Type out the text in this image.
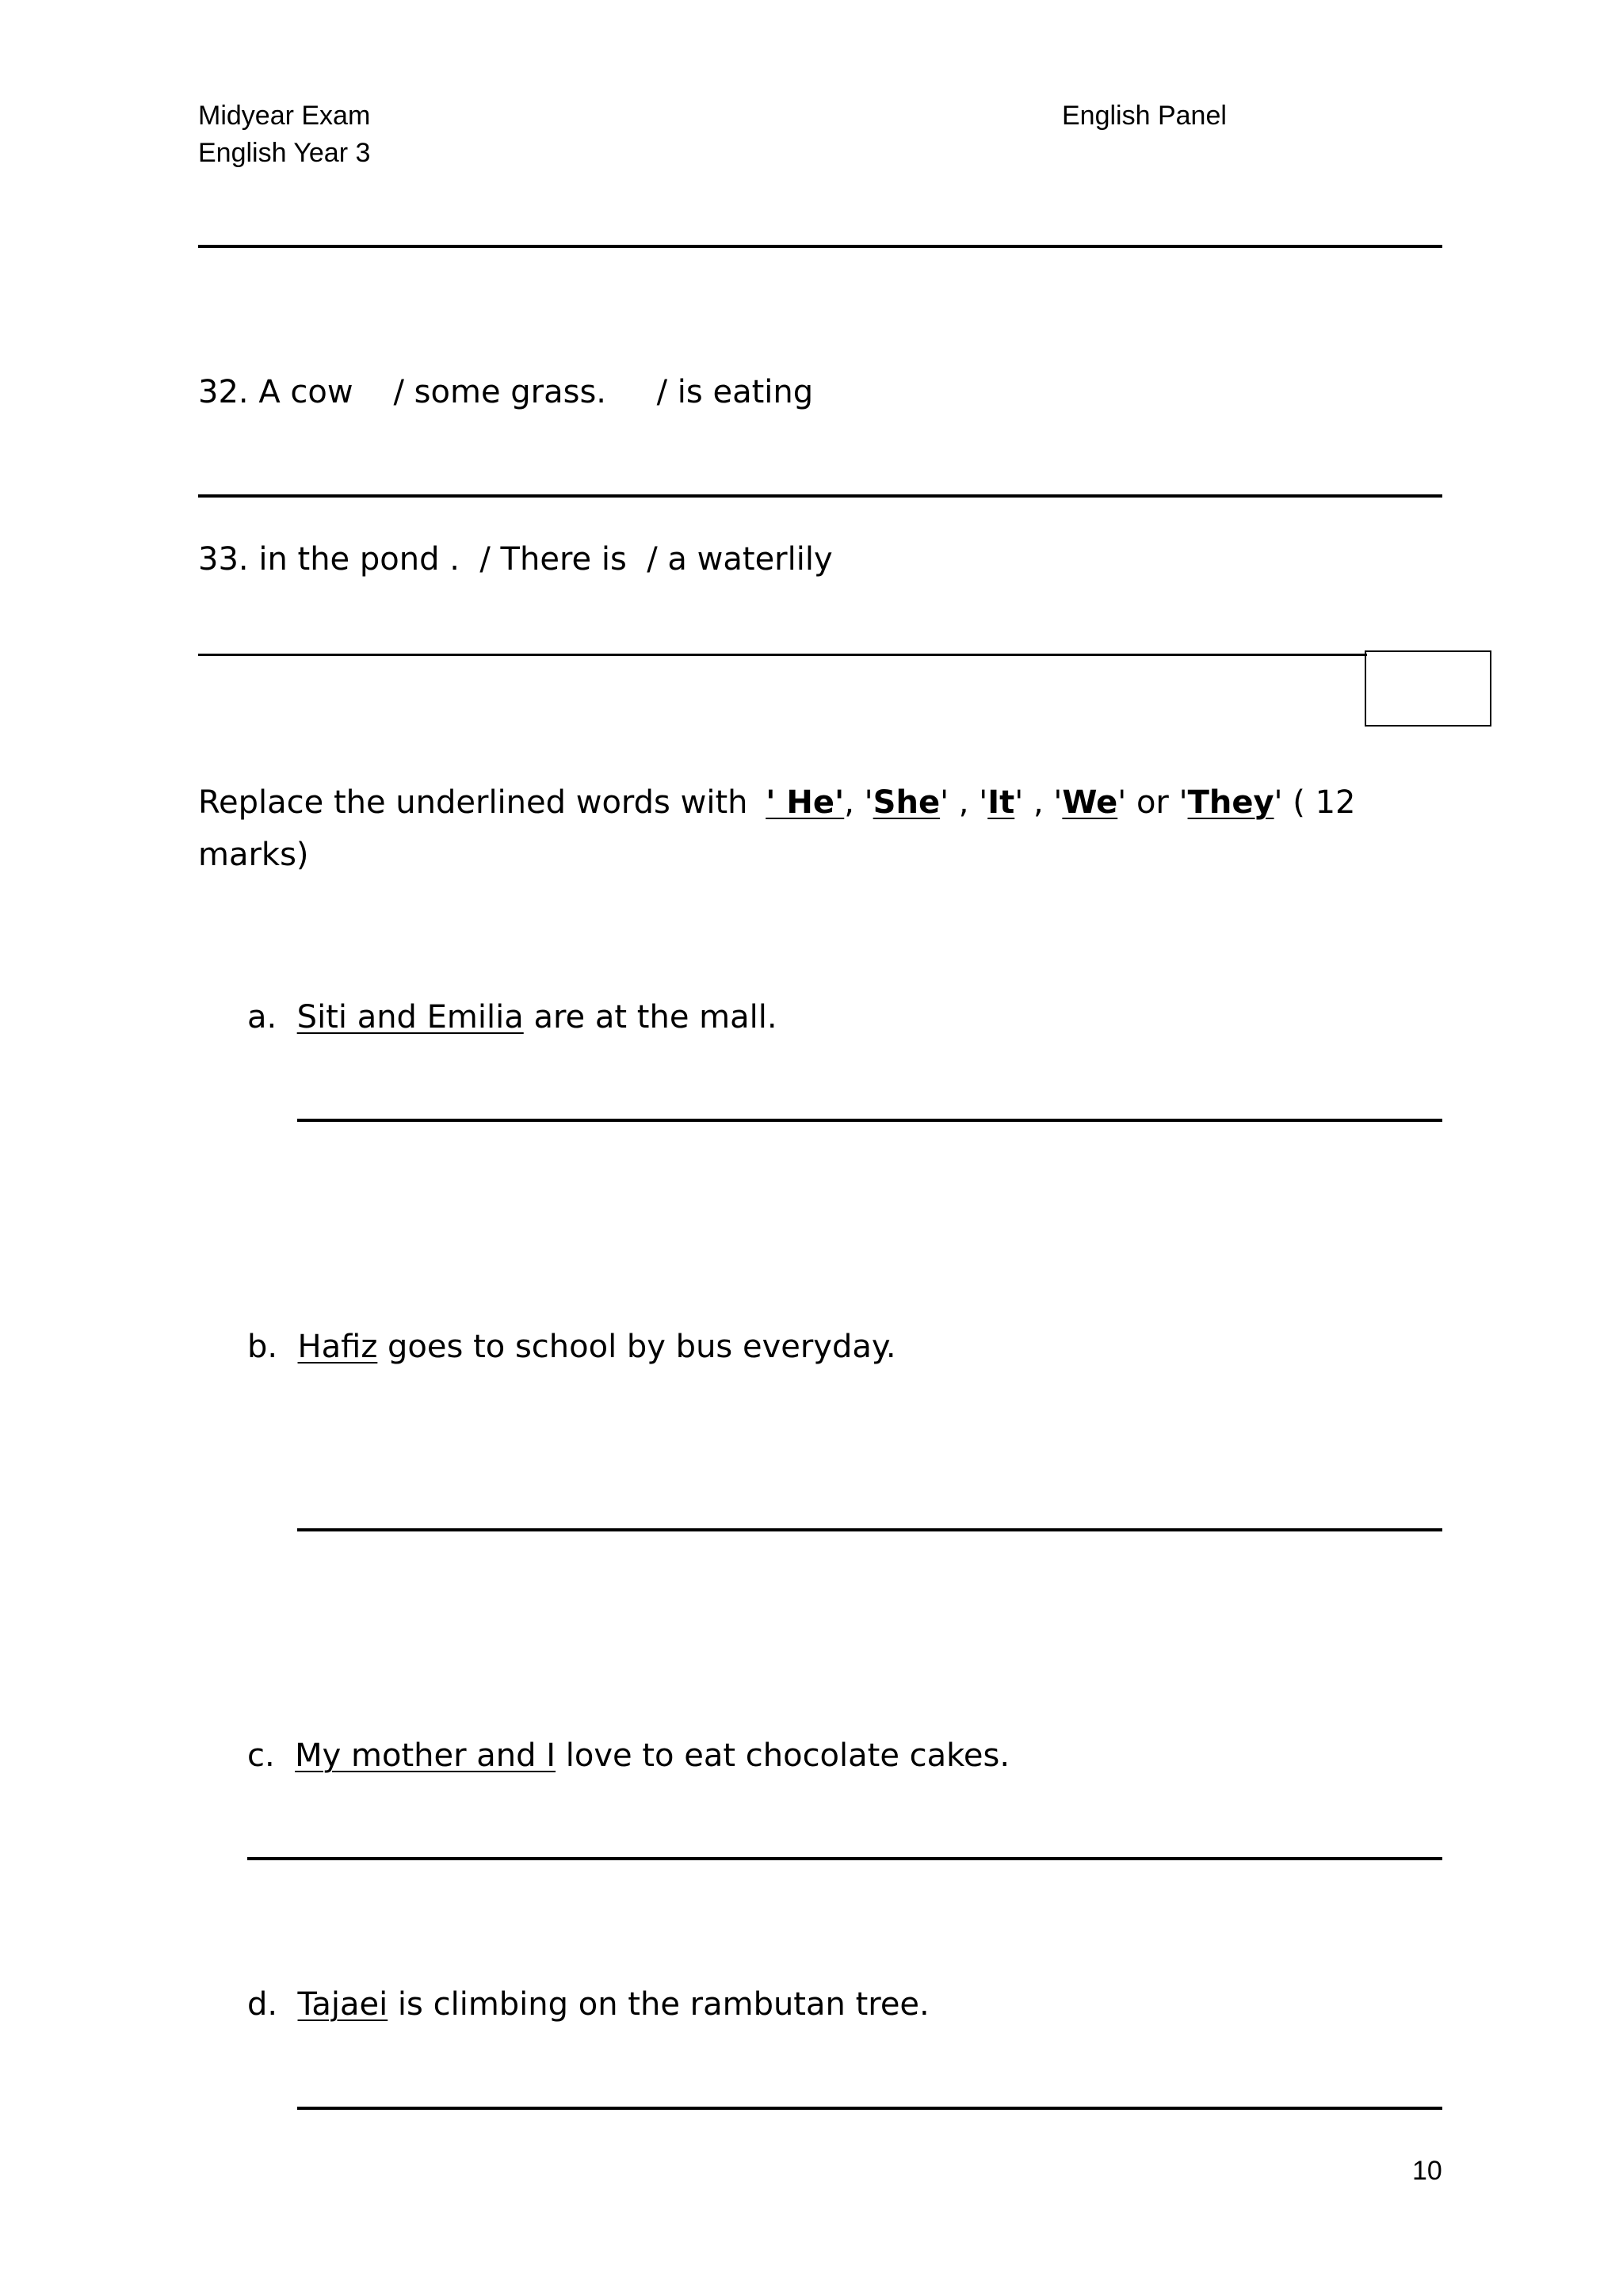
Midyear Exam
English Year 3
English Panel
32. A cow / some grass. / is eating
33. in the pond . / There is / a waterlily
Replace the underlined words with ' He', 'She' , 'It' , 'We' or 'They' ( 12 marks)
a. Siti and Emilia are at the mall.
b. Hafiz goes to school by bus everyday.
c. My mother and I love to eat chocolate cakes.
d. Tajaei is climbing on the rambutan tree.
10
